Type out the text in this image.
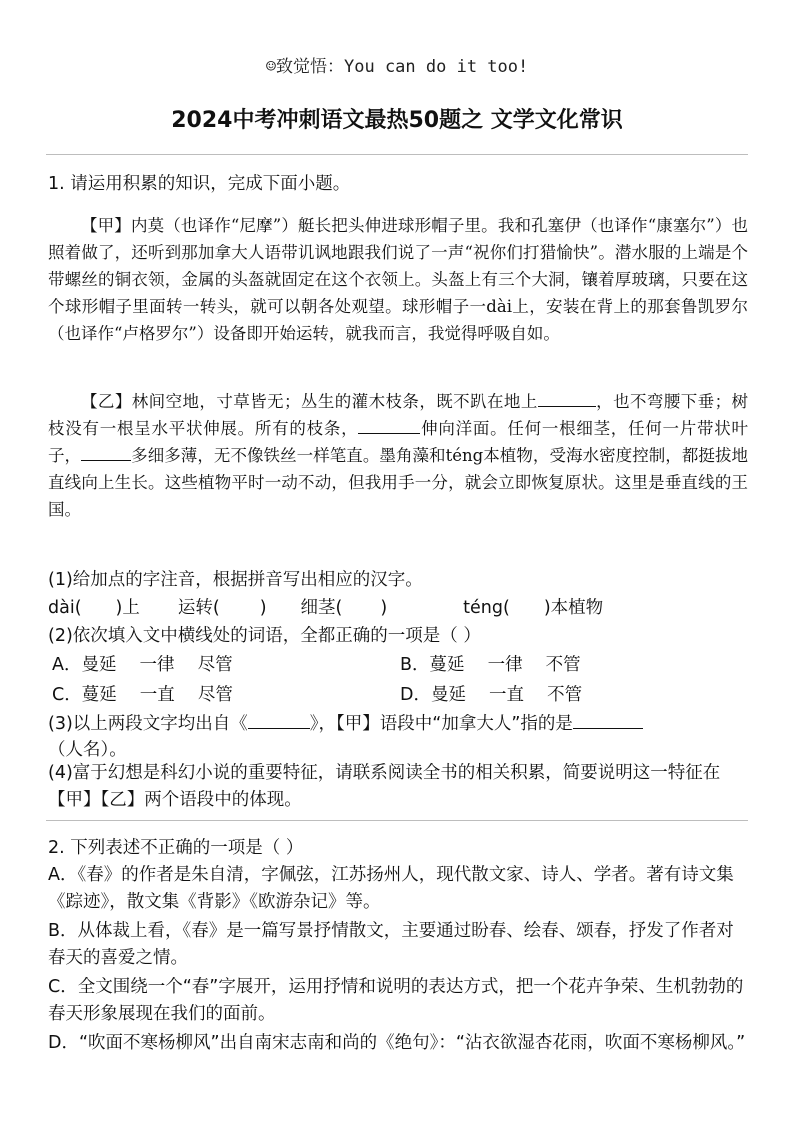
☺致觉悟：You can do it too!
2024中考冲刺语文最热50题之 文学文化常识
1. 请运用积累的知识，完成下面小题。
【甲】内莫（也译作“尼摩”）艇长把头伸进球形帽子里。我和孔塞伊（也译作“康塞尔”）也照着做了，还听到那加拿大人语带讥讽地跟我们说了一声“祝你们打猎愉快”。潜水服的上端是个带螺丝的铜衣领，金属的头盔就固定在这个衣领上。头盔上有三个大洞，镶着厚玻璃，只要在这个球形帽子里面转一转头，就可以朝各处观望。球形帽子一dài上，安装在背上的那套鲁凯罗尔（也译作“卢格罗尔”）设备即开始运转，就我而言，我觉得呼吸自如。
【乙】林间空地，寸草皆无；丛生的灌木枝条，既不趴在地上	，也不弯腰下垂；树枝没有一根呈水平状伸展。所有的枝条，	伸向洋面。任何一根细茎，任何一片带状叶子，	多细多薄，无不像铁丝一样笔直。墨角藻和téng本植物，受海水密度控制，都挺拔地直线向上生长。这些植物平时一动不动，但我用手一分，就会立即恢复原状。这里是垂直线的王国。
(1)给加点的字注音，根据拼音写出相应的汉字。
dài( )上 运转( ) 细茎( )	téng( )本植物
(2)依次填入文中横线处的词语，全都正确的一项是（ ）
A．曼延　 一律　 尽管	B．蔓延　 一律　 不管
C．蔓延　 一直　 尽管	D．曼延　 一直　 不管
(3)以上两段文字均出自《	》，【甲】语段中“加拿大人”指的是
（人名）。
(4)富于幻想是科幻小说的重要特征，请联系阅读全书的相关积累，简要说明这一特征在【甲】【乙】两个语段中的体现。
2. 下列表述不正确的一项是（ ）
A．《春》的作者是朱自清，字佩弦，江苏扬州人，现代散文家、诗人、学者。著有诗文集《踪迹》，散文集《背影》《欧游杂记》等。
B．从体裁上看，《春》是一篇写景抒情散文，主要通过盼春、绘春、颂春，抒发了作者对春天的喜爱之情。
C．全文围绕一个“春”字展开，运用抒情和说明的表达方式，把一个花卉争荣、生机勃勃的春天形象展现在我们的面前。
D．“吹面不寒杨柳风”出自南宋志南和尚的《绝句》：“沾衣欲湿杏花雨，吹面不寒杨柳风。”
